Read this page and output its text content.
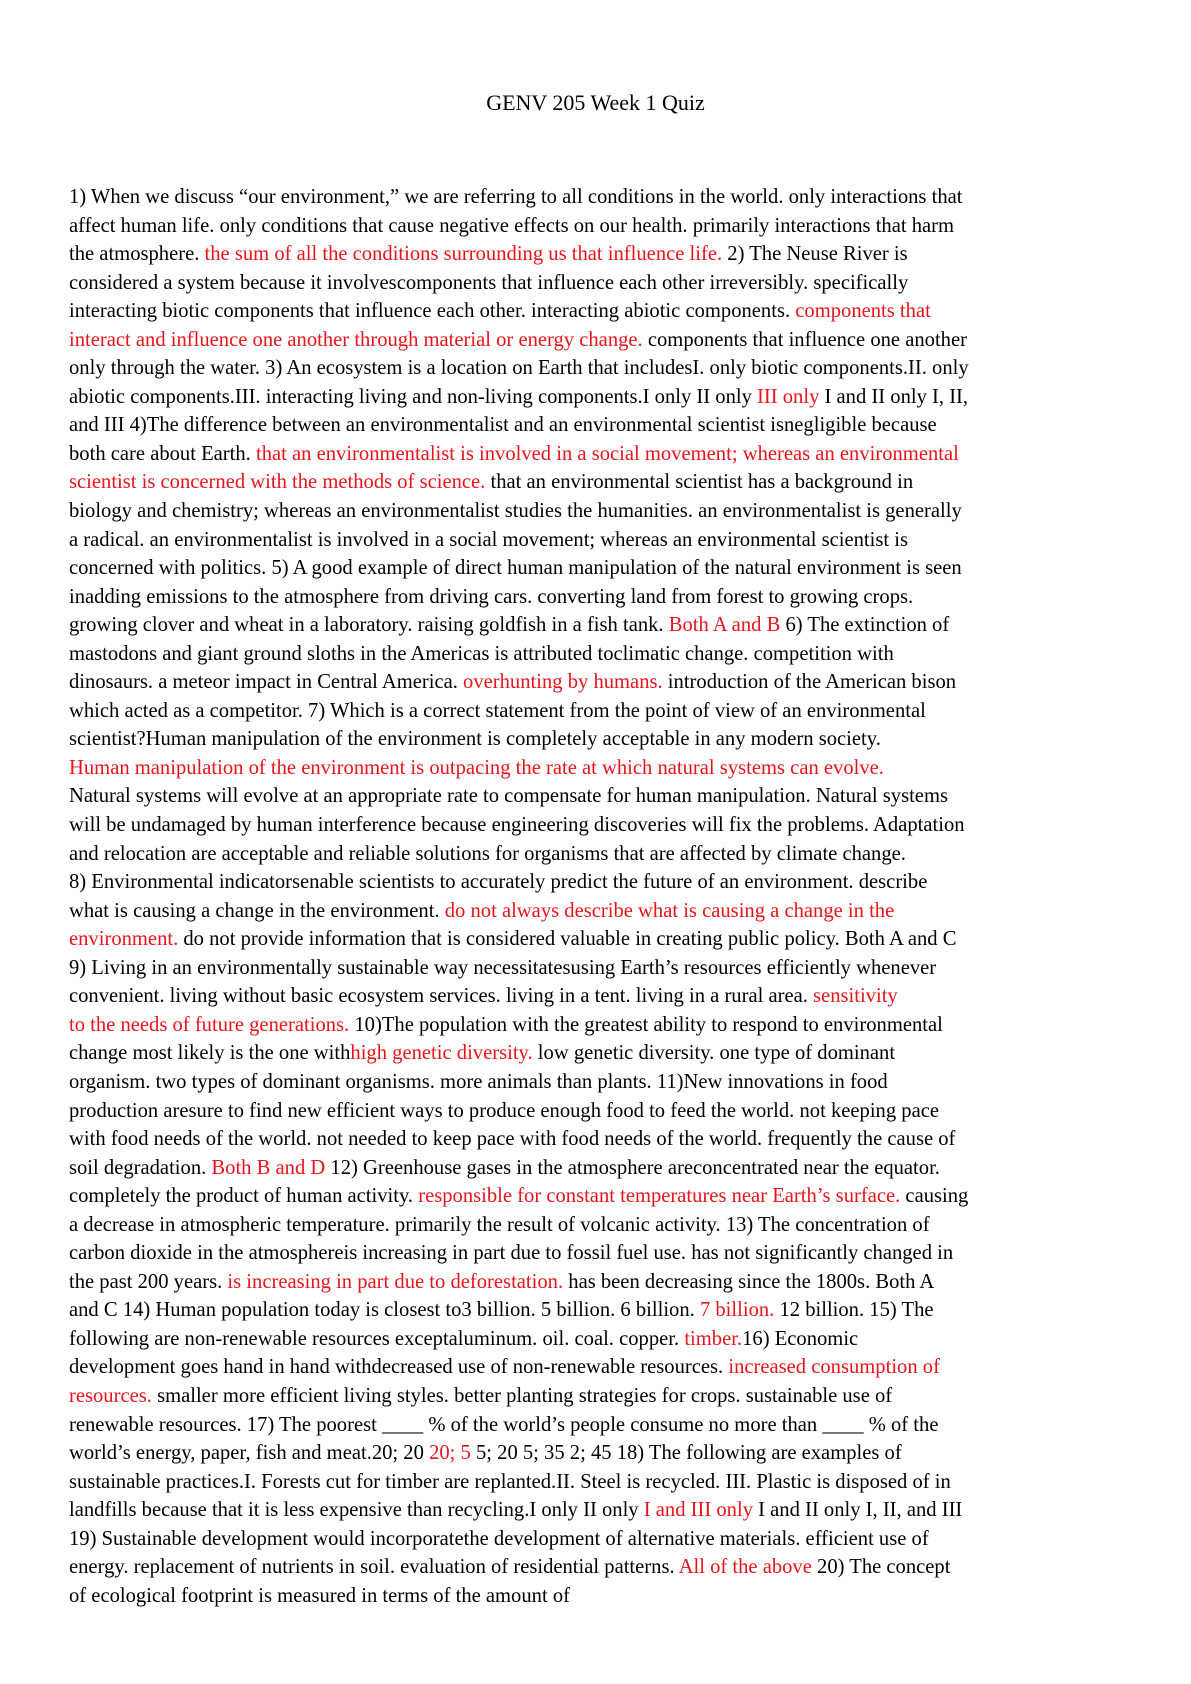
GENV 205 Week 1 Quiz
1) When we discuss “our environment,” we are referring to all conditions in the world. only interactions that
affect human life. only conditions that cause negative effects on our health. primarily interactions that harm
the atmosphere. the sum of all the conditions surrounding us that influence life. 2) The Neuse River is
considered a system because it involvescomponents that influence each other irreversibly. specifically
interacting biotic components that influence each other. interacting abiotic components. components that
interact and influence one another through material or energy change. components that influence one another
only through the water. 3) An ecosystem is a location on Earth that includesI. only biotic components.II. only
abiotic components.III. interacting living and non-living components.I only II only III only I and II only I, II,
and III 4)The difference between an environmentalist and an environmental scientist isnegligible because
both care about Earth. that an environmentalist is involved in a social movement; whereas an environmental
scientist is concerned with the methods of science. that an environmental scientist has a background in
biology and chemistry; whereas an environmentalist studies the humanities. an environmentalist is generally
a radical. an environmentalist is involved in a social movement; whereas an environmental scientist is
concerned with politics. 5) A good example of direct human manipulation of the natural environment is seen
inadding emissions to the atmosphere from driving cars. converting land from forest to growing crops.
growing clover and wheat in a laboratory. raising goldfish in a fish tank. Both A and B 6) The extinction of
mastodons and giant ground sloths in the Americas is attributed toclimatic change. competition with
dinosaurs. a meteor impact in Central America. overhunting by humans. introduction of the American bison
which acted as a competitor. 7) Which is a correct statement from the point of view of an environmental
scientist?Human manipulation of the environment is completely acceptable in any modern society.
Human manipulation of the environment is outpacing the rate at which natural systems can evolve.
Natural systems will evolve at an appropriate rate to compensate for human manipulation. Natural systems
will be undamaged by human interference because engineering discoveries will fix the problems. Adaptation
and relocation are acceptable and reliable solutions for organisms that are affected by climate change.
8) Environmental indicatorsenable scientists to accurately predict the future of an environment. describe
what is causing a change in the environment. do not always describe what is causing a change in the
environment. do not provide information that is considered valuable in creating public policy. Both A and C
9) Living in an environmentally sustainable way necessitatesusing Earth’s resources efficiently whenever
convenient. living without basic ecosystem services. living in a tent. living in a rural area. sensitivity
to the needs of future generations. 10)The population with the greatest ability to respond to environmental
change most likely is the one withhigh genetic diversity. low genetic diversity. one type of dominant
organism. two types of dominant organisms. more animals than plants. 11)New innovations in food
production aresure to find new efficient ways to produce enough food to feed the world. not keeping pace
with food needs of the world. not needed to keep pace with food needs of the world. frequently the cause of
soil degradation. Both B and D 12) Greenhouse gases in the atmosphere areconcentrated near the equator.
completely the product of human activity. responsible for constant temperatures near Earth’s surface. causing
a decrease in atmospheric temperature. primarily the result of volcanic activity. 13) The concentration of
carbon dioxide in the atmosphereis increasing in part due to fossil fuel use. has not significantly changed in
the past 200 years. is increasing in part due to deforestation. has been decreasing since the 1800s. Both A
and C 14) Human population today is closest to3 billion. 5 billion. 6 billion. 7 billion. 12 billion. 15) The
following are non-renewable resources exceptaluminum. oil. coal. copper. timber.16) Economic
development goes hand in hand withdecreased use of non-renewable resources. increased consumption of
resources. smaller more efficient living styles. better planting strategies for crops. sustainable use of
renewable resources. 17) The poorest ____ % of the world’s people consume no more than ____ % of the
world’s energy, paper, fish and meat.20; 20 20; 5 5; 20 5; 35 2; 45 18) The following are examples of
sustainable practices.I. Forests cut for timber are replanted.II. Steel is recycled. III. Plastic is disposed of in
landfills because that it is less expensive than recycling.I only II only I and III only I and II only I, II, and III
19) Sustainable development would incorporatethe development of alternative materials. efficient use of
energy. replacement of nutrients in soil. evaluation of residential patterns. All of the above 20) The concept
of ecological footprint is measured in terms of the amount of
